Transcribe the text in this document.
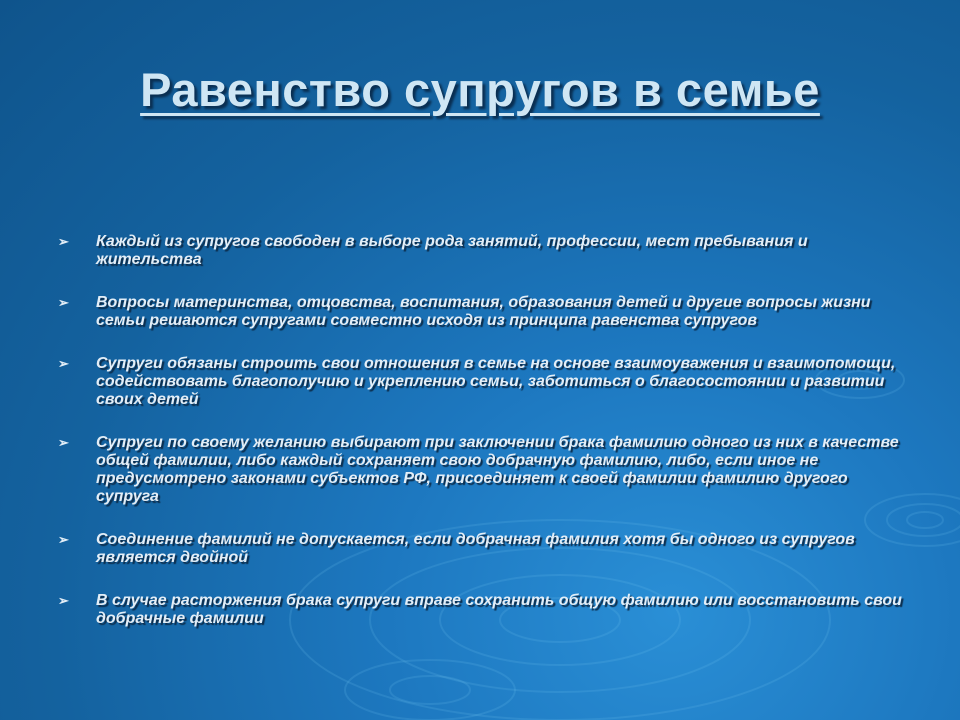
Равенство супругов в семье
➢ Каждый из супругов свободен в выборе рода занятий, профессии, мест пребывания и жительства
➢ Вопросы материнства, отцовства, воспитания, образования детей и другие вопросы жизни семьи решаются супругами совместно исходя из принципа равенства супругов
➢ Супруги обязаны строить свои отношения в семье на основе взаимоуважения и взаимопомощи, содействовать благополучию и укреплению семьи, заботиться о благосостоянии и развитии своих детей
➢ Супруги по своему желанию выбирают при заключении брака фамилию одного из них в качестве общей фамилии, либо каждый сохраняет свою добрачную фамилию, либо, если иное не предусмотрено законами субъектов РФ, присоединяет к своей фамилии фамилию другого супруга
➢ Соединение фамилий не допускается, если добрачная фамилия хотя бы одного из супругов является двойной
➢ В случае расторжения брака супруги вправе сохранить общую фамилию или восстановить свои добрачные фамилии
